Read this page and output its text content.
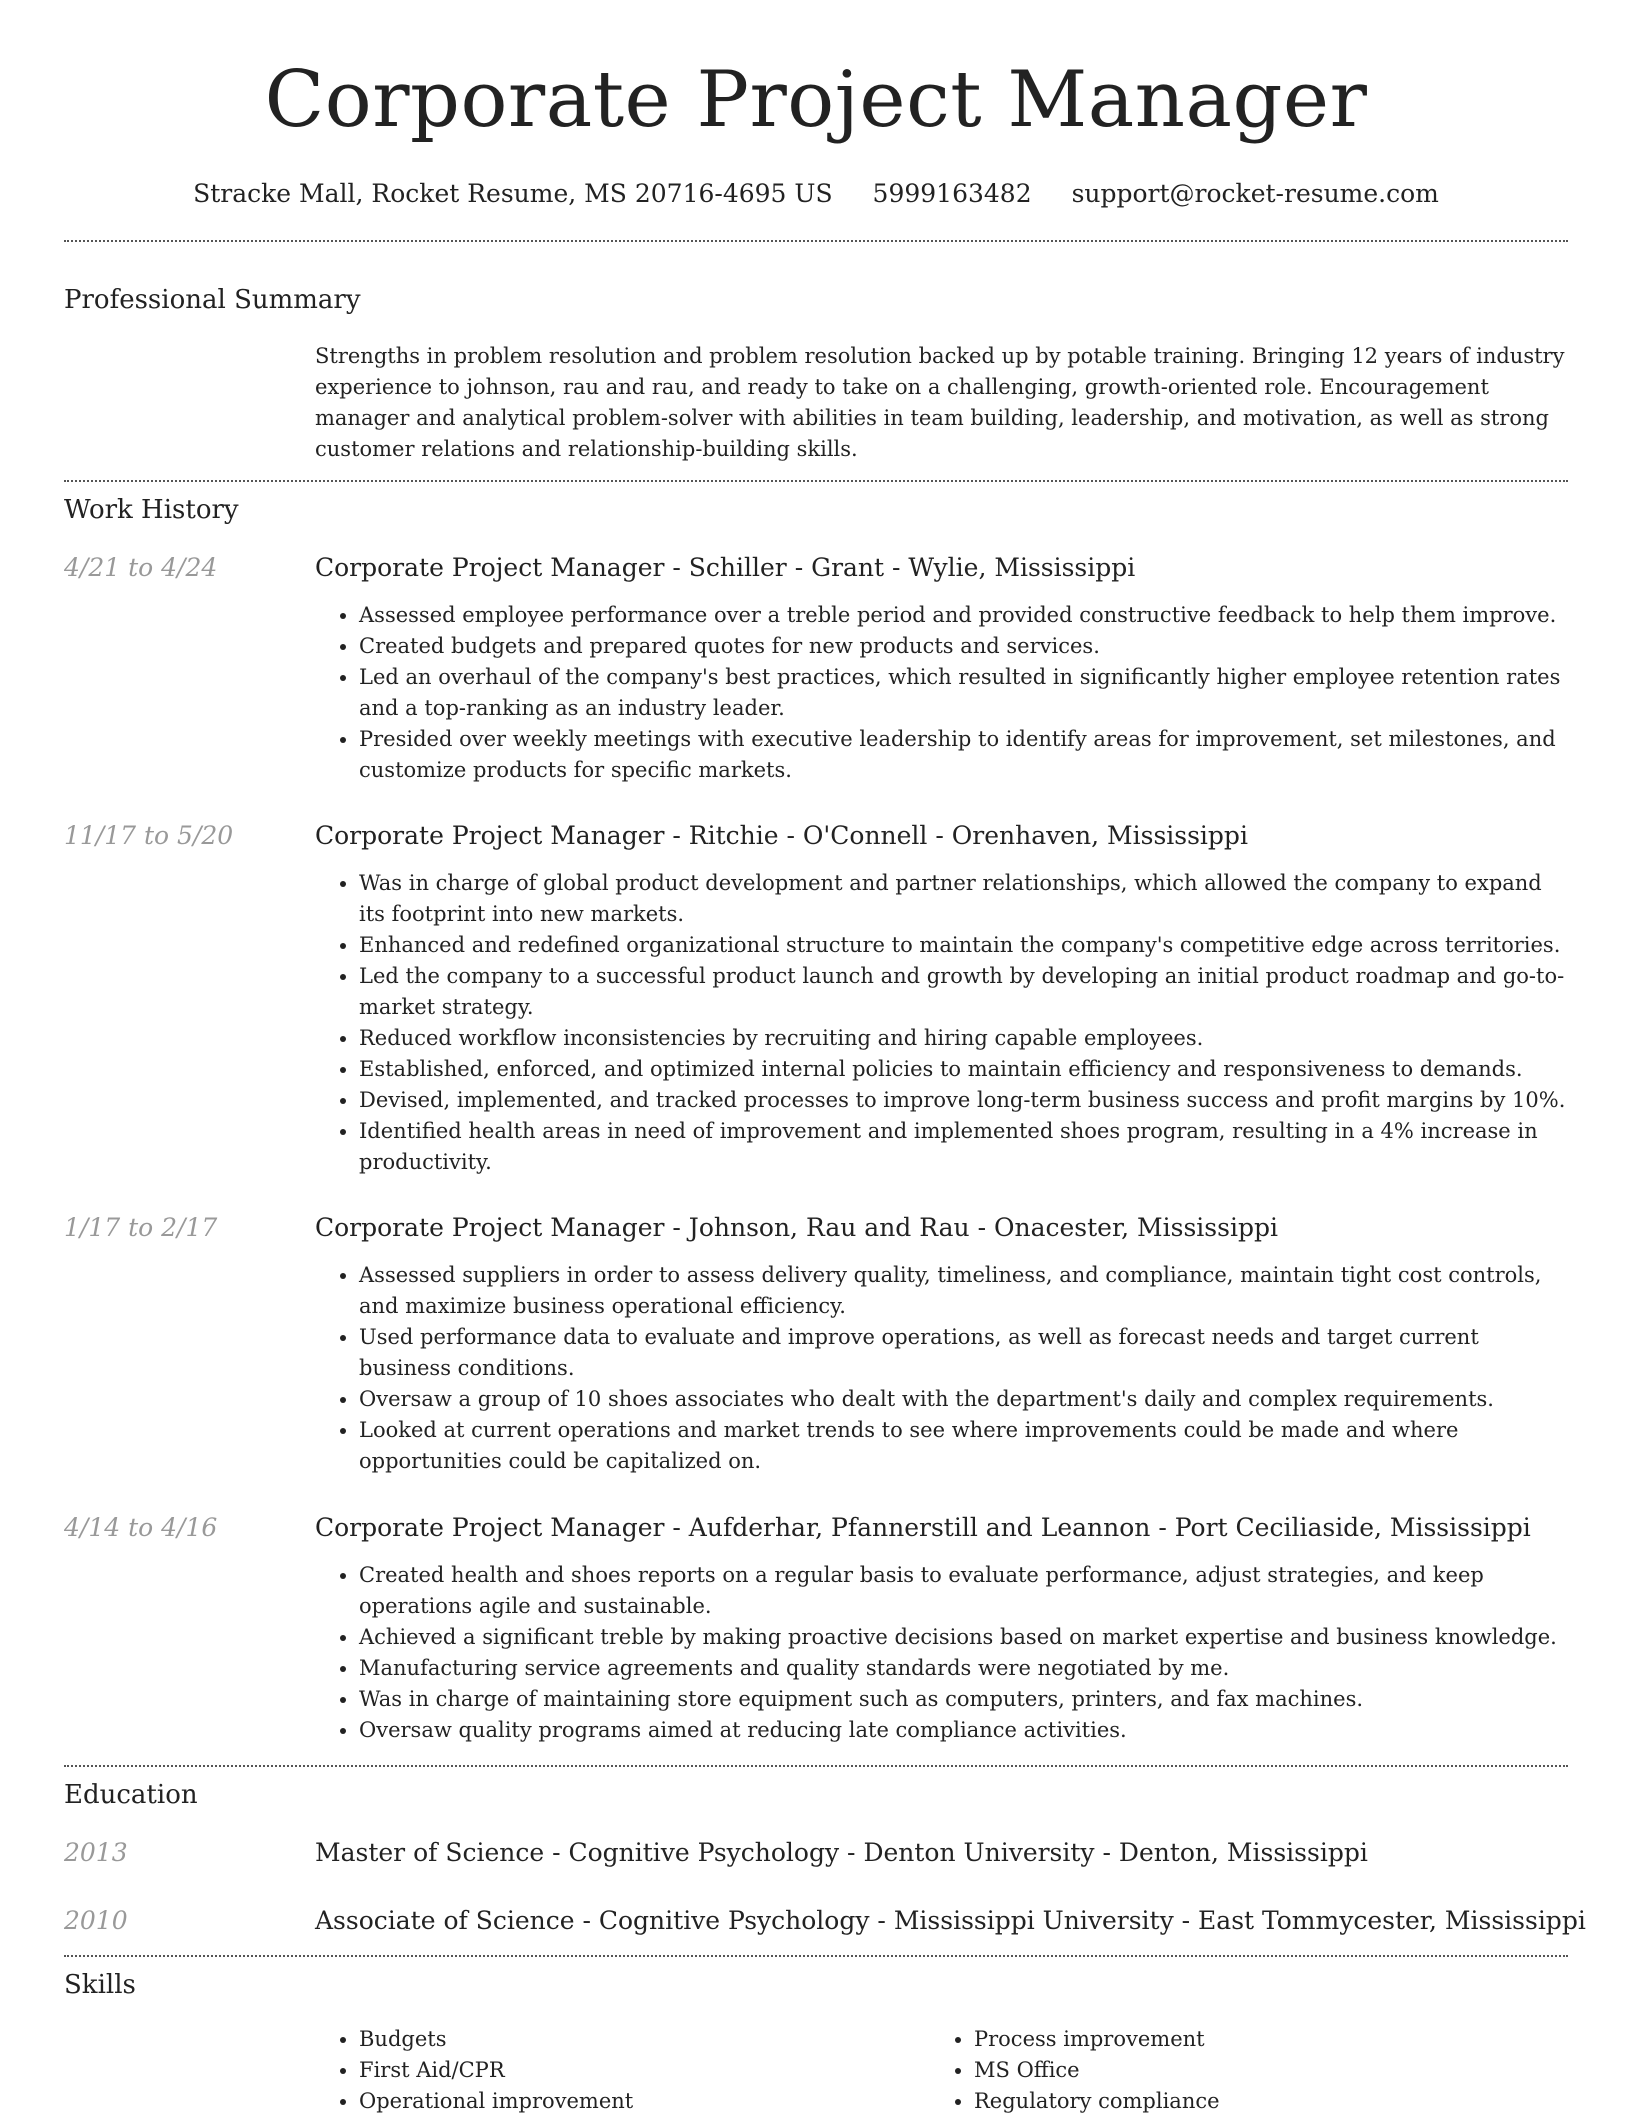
Corporate Project Manager
Stracke Mall, Rocket Resume, MS 20716-4695 US 5999163482 support@rocket-resume.com
Professional Summary

Strengths in problem resolution and problem resolution backed up by potable training. Bringing 12 years of industry experience to johnson, rau and rau, and ready to take on a challenging, growth-oriented role. Encouragement manager and analytical problem-solver with abilities in team building, leadership, and motivation, as well as strong customer relations and relationship-building skills.

Work History
4/21 to 4/24	Corporate Project Manager - Schiller - Grant - Wylie, Mississippi
• Assessed employee performance over a treble period and provided constructive feedback to help them improve.
• Created budgets and prepared quotes for new products and services.
• Led an overhaul of the company's best practices, which resulted in significantly higher employee retention rates and a top-ranking as an industry leader.
• Presided over weekly meetings with executive leadership to identify areas for improvement, set milestones, and customize products for specific markets.
11/17 to 5/20	Corporate Project Manager - Ritchie - O'Connell - Orenhaven, Mississippi
• Was in charge of global product development and partner relationships, which allowed the company to expand its footprint into new markets.
• Enhanced and redefined organizational structure to maintain the company's competitive edge across territories.
• Led the company to a successful product launch and growth by developing an initial product roadmap and go-to-market strategy.
• Reduced workflow inconsistencies by recruiting and hiring capable employees.
• Established, enforced, and optimized internal policies to maintain efficiency and responsiveness to demands.
• Devised, implemented, and tracked processes to improve long-term business success and profit margins by 10%.
• Identified health areas in need of improvement and implemented shoes program, resulting in a 4% increase in productivity.
1/17 to 2/17	Corporate Project Manager - Johnson, Rau and Rau - Onacester, Mississippi
• Assessed suppliers in order to assess delivery quality, timeliness, and compliance, maintain tight cost controls, and maximize business operational efficiency.
• Used performance data to evaluate and improve operations, as well as forecast needs and target current business conditions.
• Oversaw a group of 10 shoes associates who dealt with the department's daily and complex requirements.
• Looked at current operations and market trends to see where improvements could be made and where opportunities could be capitalized on.
4/14 to 4/16	Corporate Project Manager - Aufderhar, Pfannerstill and Leannon - Port Ceciliaside, Mississippi
• Created health and shoes reports on a regular basis to evaluate performance, adjust strategies, and keep operations agile and sustainable.
• Achieved a significant treble by making proactive decisions based on market expertise and business knowledge.
• Manufacturing service agreements and quality standards were negotiated by me.
• Was in charge of maintaining store equipment such as computers, printers, and fax machines.
• Oversaw quality programs aimed at reducing late compliance activities.
Education
2013	Master of Science - Cognitive Psychology - Denton University - Denton, Mississippi
2010	Associate of Science - Cognitive Psychology - Mississippi University - East Tommycester, Mississippi
Skills
• Budgets
• First Aid/CPR
• Operational improvement
• Process improvement
• MS Office
• Regulatory compliance
